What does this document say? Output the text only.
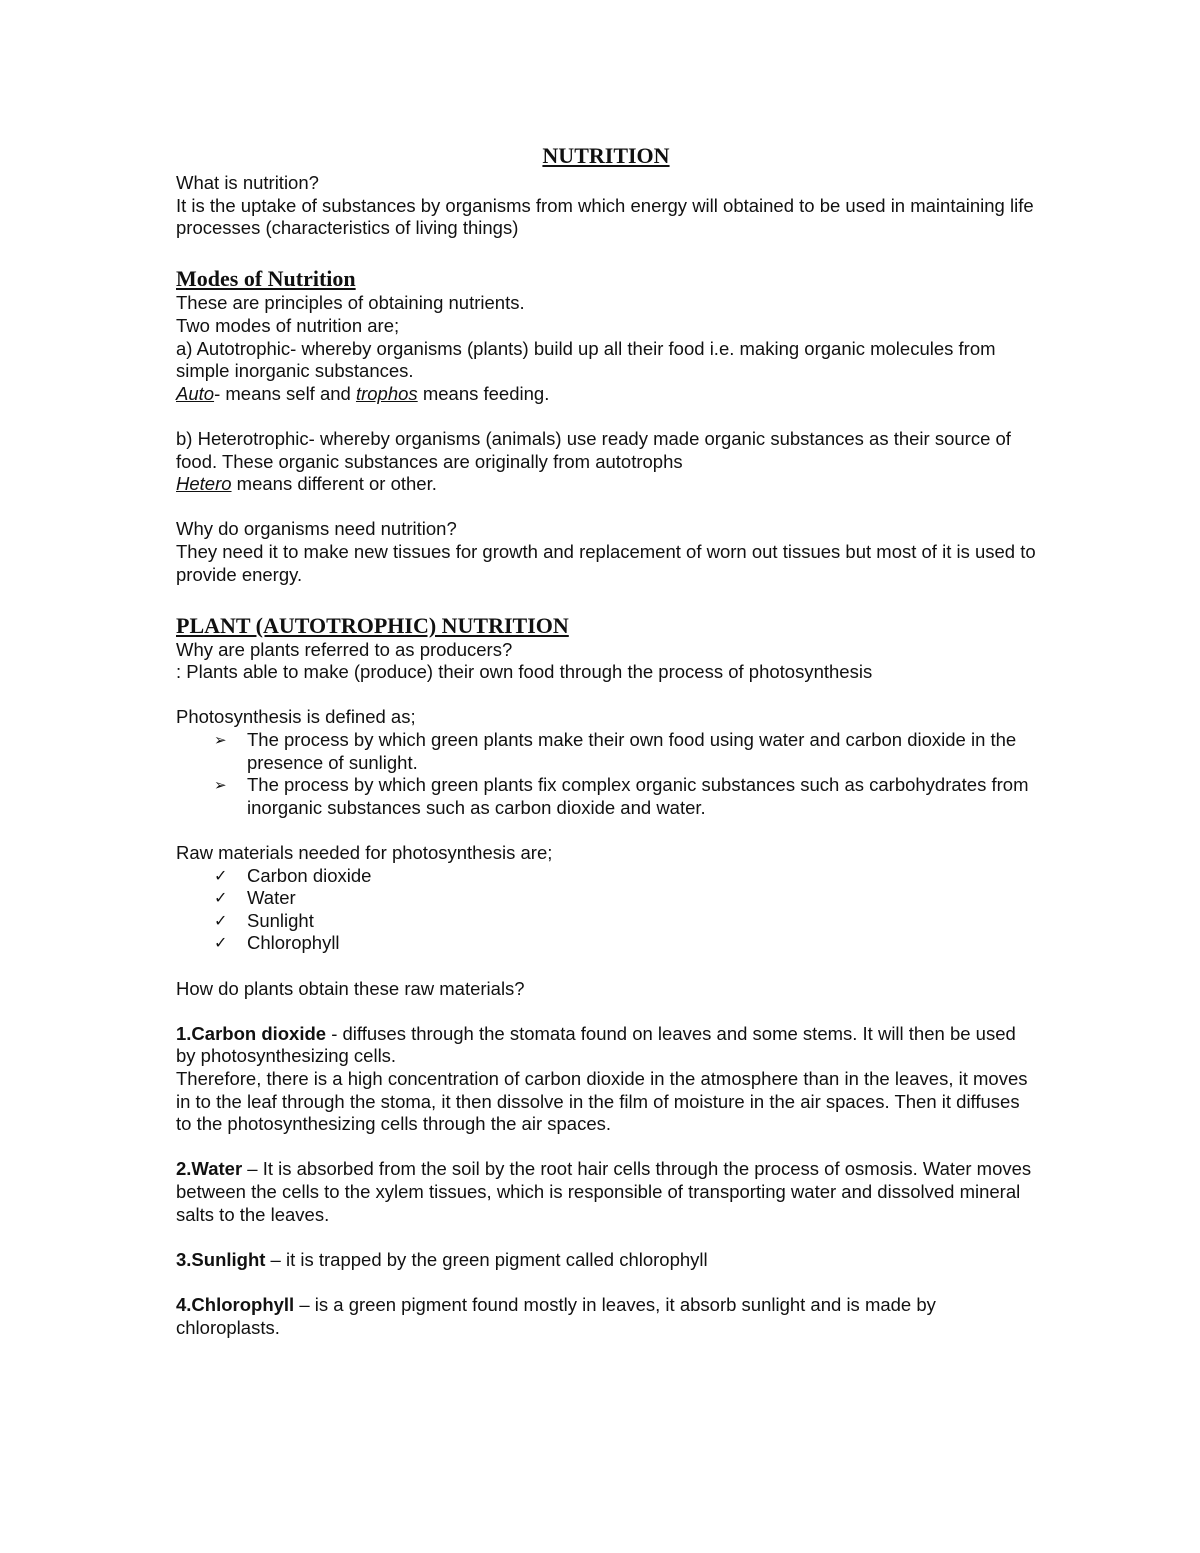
NUTRITION

What is nutrition?

It is the uptake of substances by organisms from which energy will obtained to be used in maintaining life processes (characteristics of living things)

Modes of Nutrition

These are principles of obtaining nutrients.

Two modes of nutrition are;

a) Autotrophic- whereby organisms (plants) build up all their food i.e. making organic molecules from simple inorganic substances.

Auto- means self and trophos means feeding.

b) Heterotrophic- whereby organisms (animals) use ready made organic substances as their source of food. These organic substances are originally from autotrophs

Hetero means different or other.

Why do organisms need nutrition?

They need it to make new tissues for growth and replacement of worn out tissues but most of it is used to provide energy.

PLANT (AUTOTROPHIC) NUTRITION

Why are plants referred to as producers?

: Plants able to make (produce) their own food through the process of photosynthesis

Photosynthesis is defined as;

➢ The process by which green plants make their own food using water and carbon dioxide in the presence of sunlight.
➢ The process by which green plants fix complex organic substances such as carbohydrates from inorganic substances such as carbon dioxide and water.

Raw materials needed for photosynthesis are;

✓ Carbon dioxide
✓ Water
✓ Sunlight
✓ Chlorophyll

How do plants obtain these raw materials?

1.Carbon dioxide - diffuses through the stomata found on leaves and some stems. It will then be used by photosynthesizing cells.

Therefore, there is a high concentration of carbon dioxide in the atmosphere than in the leaves, it moves in to the leaf through the stoma, it then dissolve in the film of moisture in the air spaces. Then it diffuses to the photosynthesizing cells through the air spaces.

2.Water – It is absorbed from the soil by the root hair cells through the process of osmosis. Water moves between the cells to the xylem tissues, which is responsible of transporting water and dissolved mineral salts to the leaves.

3.Sunlight – it is trapped by the green pigment called chlorophyll

4.Chlorophyll – is a green pigment found mostly in leaves, it absorb sunlight and is made by chloroplasts.
